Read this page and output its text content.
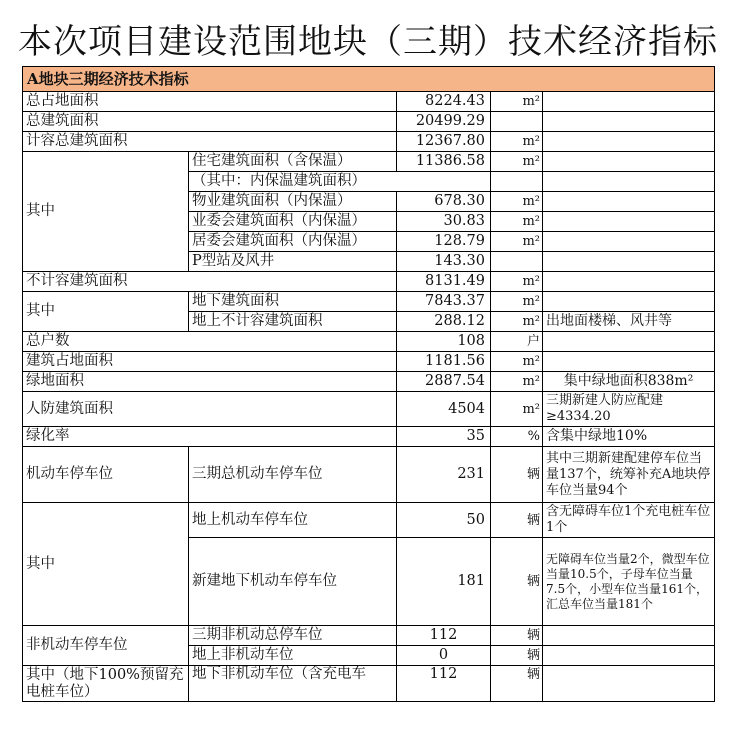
本次项目建设范围地块（三期）技术经济指标
A地块三期经济技术指标				
总占地面积		8224.43	m²	
总建筑面积		20499.29		
计容总建筑面积		12367.80	m²	
其中	住宅建筑面积（含保温）	11386.58	m²	
	（其中：内保温建筑面积）			
	物业建筑面积（内保温）	678.30	m²	
	业委会建筑面积（内保温）	30.83	m²	
	居委会建筑面积（内保温）	128.79	m²	
	P型站及风井	143.30		
不计容建筑面积		8131.49	m²	
其中	地下建筑面积	7843.37	m²	
	地上不计容建筑面积	288.12	m²	出地面楼梯、风井等
总户数		108	户	
建筑占地面积		1181.56	m²	
绿地面积		2887.54	m²	集中绿地面积838m²
人防建筑面积		4504	m²	三期新建人防应配建≥4334.20
绿化率		35	%	含集中绿地10%
机动车停车位	三期总机动车停车位	231	辆	其中三期新建配建停车位当量137个，统筹补充A地块停车位当量94个
其中	地上机动车停车位	50	辆	含无障碍车位1个充电桩车位1个
	新建地下机动车停车位	181	辆	无障碍车位当量2个，微型车位当量10.5个，子母车位当量7.5个，小型车位当量161个，汇总车位当量181个
非机动车停车位	三期非机动总停车位	112	辆	
	地上非机动车位	0	辆	
其中（地下100%预留充电桩车位）	地下非机动车位（含充电车	112	辆	
